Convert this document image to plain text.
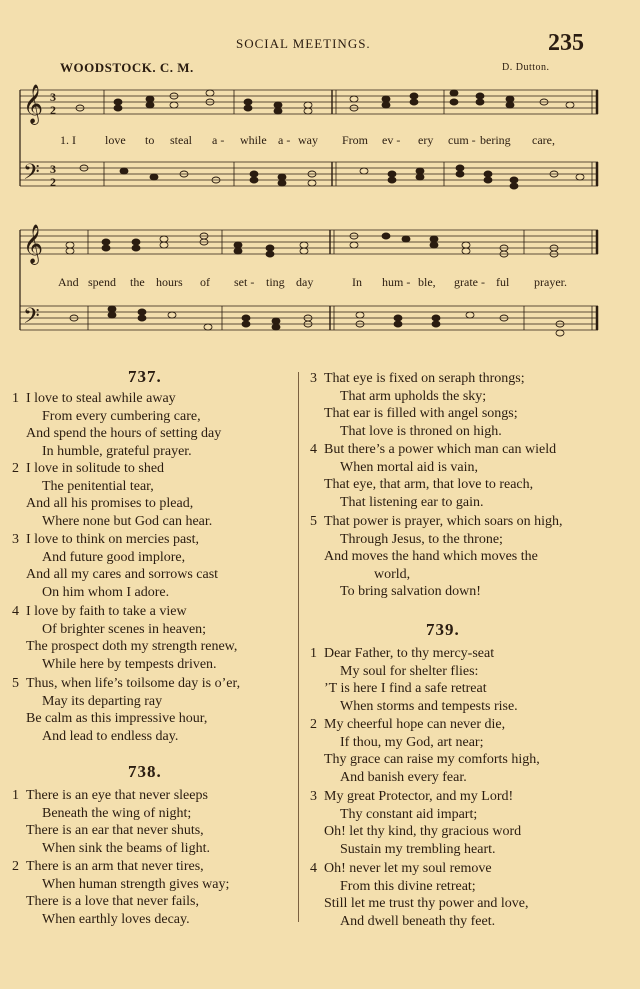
SOCIAL MEETINGS.	235
WOODSTOCK. C. M.	D. Dutton.
𝄞
𝄢
3
2
3
2
1. I love to steal a - while a - way From ev - ery cum - bering care,
𝄞
𝄢
And spend the hours of set - ting day	In hum - ble, grate - ful prayer.
737.
1 I love to steal awhile away
From every cumbering care,
And spend the hours of setting day
In humble, grateful prayer.
2 I love in solitude to shed
The penitential tear,
And all his promises to plead,
Where none but God can hear.
3 I love to think on mercies past,
And future good implore,
And all my cares and sorrows cast
On him whom I adore.
4 I love by faith to take a view
Of brighter scenes in heaven;
The prospect doth my strength renew,
While here by tempests driven.
5 Thus, when life’s toilsome day is o’er,
May its departing ray
Be calm as this impressive hour,
And lead to endless day.
738.
1 There is an eye that never sleeps
Beneath the wing of night;
There is an ear that never shuts,
When sink the beams of light.
2 There is an arm that never tires,
When human strength gives way;
There is a love that never fails,
When earthly loves decay.
3 That eye is fixed on seraph throngs;
That arm upholds the sky;
That ear is filled with angel songs;
That love is throned on high.
4 But there’s a power which man can wield
When mortal aid is vain,
That eye, that arm, that love to reach,
That listening ear to gain.
5 That power is prayer, which soars on high,
Through Jesus, to the throne;
And moves the hand which moves the
world,
To bring salvation down!
739.
1 Dear Father, to thy mercy-seat
My soul for shelter flies:
’T is here I find a safe retreat
When storms and tempests rise.
2 My cheerful hope can never die,
If thou, my God, art near;
Thy grace can raise my comforts high,
And banish every fear.
3 My great Protector, and my Lord!
Thy constant aid impart;
Oh! let thy kind, thy gracious word
Sustain my trembling heart.
4 Oh! never let my soul remove
From this divine retreat;
Still let me trust thy power and love,
And dwell beneath thy feet.
